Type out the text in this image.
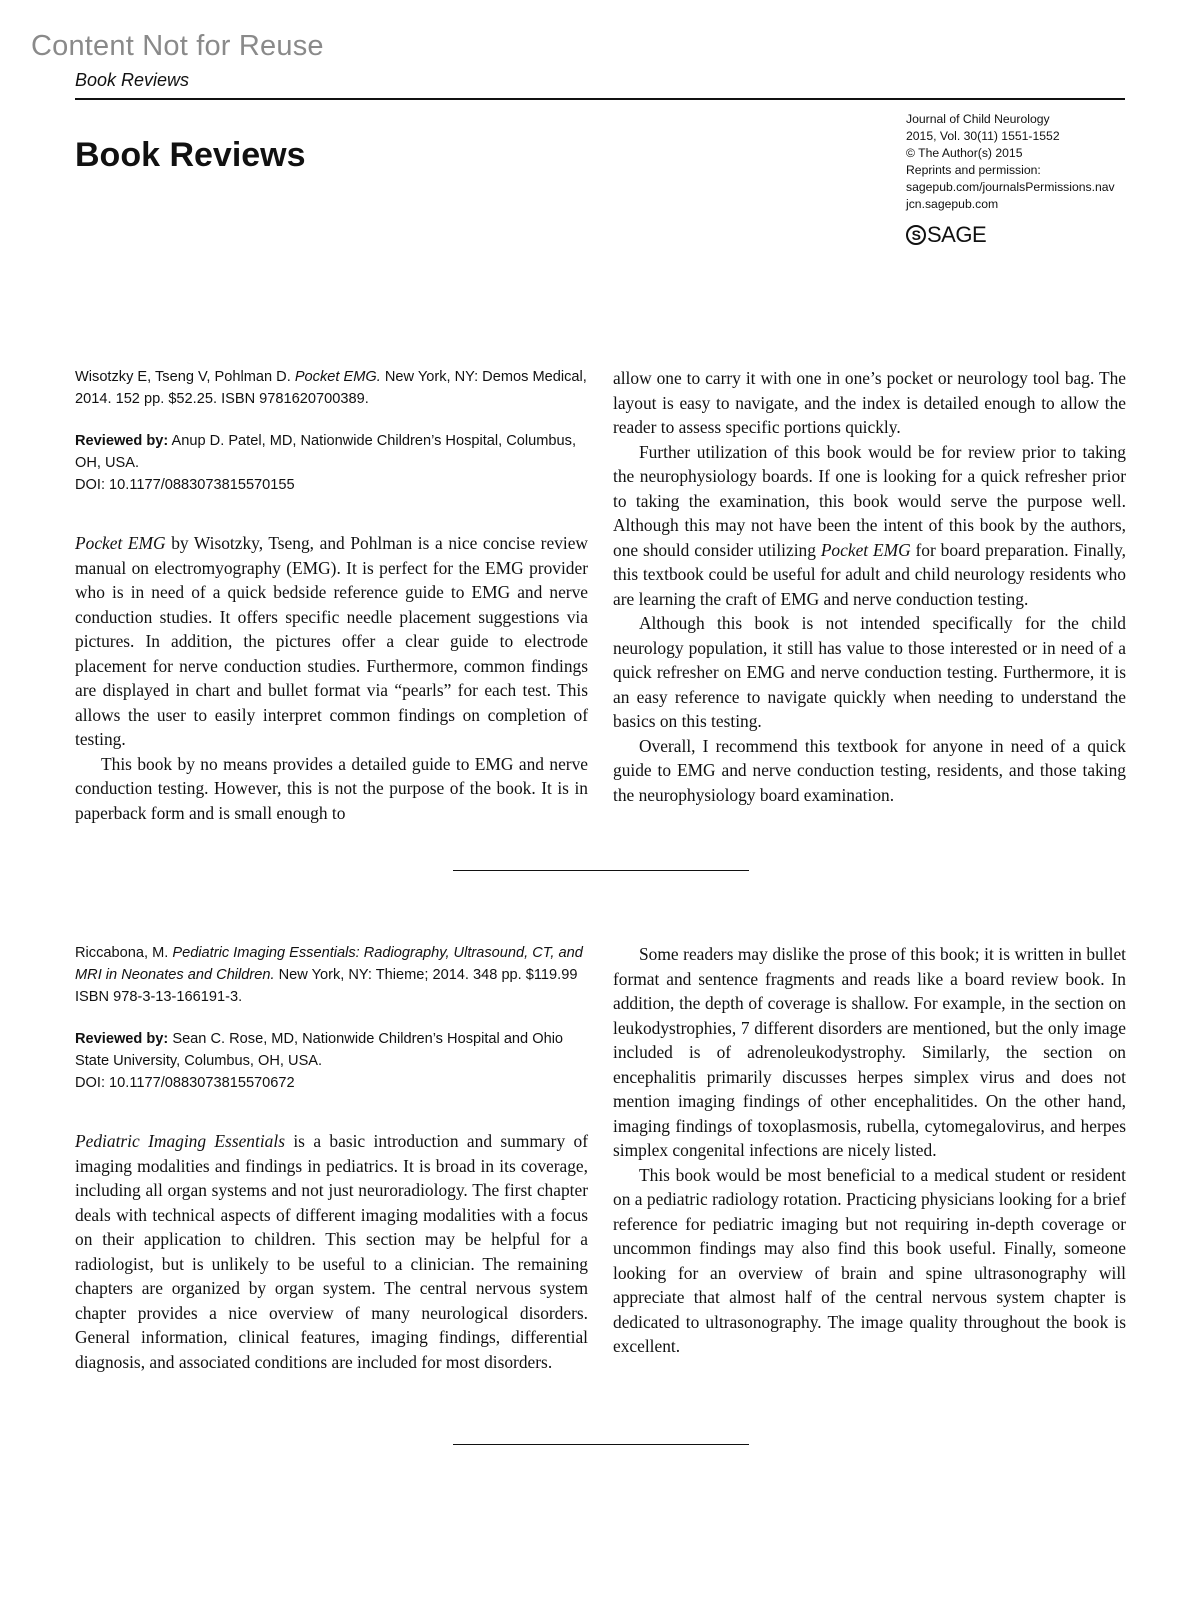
Content Not for Reuse
Book Reviews
Book Reviews
Journal of Child Neurology
2015, Vol. 30(11) 1551-1552
© The Author(s) 2015
Reprints and permission:
sagepub.com/journalsPermissions.nav
jcn.sagepub.com
S SAGE

Wisotzky E, Tseng V, Pohlman D. Pocket EMG. New York, NY: Demos Medical, 2014. 152 pp. $52.25. ISBN 9781620700389.

Reviewed by: Anup D. Patel, MD, Nationwide Children’s Hospital, Columbus, OH, USA.

DOI: 10.1177/0883073815570155

Pocket EMG by Wisotzky, Tseng, and Pohlman is a nice concise review manual on electromyography (EMG). It is perfect for the EMG provider who is in need of a quick bedside reference guide to EMG and nerve conduction studies. It offers specific needle placement suggestions via pictures. In addition, the pictures offer a clear guide to electrode placement for nerve conduction studies. Furthermore, common findings are displayed in chart and bullet format via “pearls” for each test. This allows the user to easily interpret common findings on completion of testing.

This book by no means provides a detailed guide to EMG and nerve conduction testing. However, this is not the purpose of the book. It is in paperback form and is small enough to

allow one to carry it with one in one’s pocket or neurology tool bag. The layout is easy to navigate, and the index is detailed enough to allow the reader to assess specific portions quickly.

Further utilization of this book would be for review prior to taking the neurophysiology boards. If one is looking for a quick refresher prior to taking the examination, this book would serve the purpose well. Although this may not have been the intent of this book by the authors, one should consider utilizing Pocket EMG for board preparation. Finally, this textbook could be useful for adult and child neurology residents who are learning the craft of EMG and nerve conduction testing.

Although this book is not intended specifically for the child neurology population, it still has value to those interested or in need of a quick refresher on EMG and nerve conduction testing. Furthermore, it is an easy reference to navigate quickly when needing to understand the basics on this testing.

Overall, I recommend this textbook for anyone in need of a quick guide to EMG and nerve conduction testing, residents, and those taking the neurophysiology board examination.

Riccabona, M. Pediatric Imaging Essentials: Radiography, Ultrasound, CT, and MRI in Neonates and Children. New York, NY: Thieme; 2014. 348 pp. $119.99 ISBN 978-3-13-166191-3.

Reviewed by: Sean C. Rose, MD, Nationwide Children’s Hospital and Ohio State University, Columbus, OH, USA.

DOI: 10.1177/0883073815570672

Pediatric Imaging Essentials is a basic introduction and summary of imaging modalities and findings in pediatrics. It is broad in its coverage, including all organ systems and not just neuroradiology. The first chapter deals with technical aspects of different imaging modalities with a focus on their application to children. This section may be helpful for a radiologist, but is unlikely to be useful to a clinician. The remaining chapters are organized by organ system. The central nervous system chapter provides a nice overview of many neurological disorders. General information, clinical features, imaging findings, differential diagnosis, and associated conditions are included for most disorders.

Some readers may dislike the prose of this book; it is written in bullet format and sentence fragments and reads like a board review book. In addition, the depth of coverage is shallow. For example, in the section on leukodystrophies, 7 different disorders are mentioned, but the only image included is of adrenoleukodystrophy. Similarly, the section on encephalitis primarily discusses herpes simplex virus and does not mention imaging findings of other encephalitides. On the other hand, imaging findings of toxoplasmosis, rubella, cytomegalovirus, and herpes simplex congenital infections are nicely listed.

This book would be most beneficial to a medical student or resident on a pediatric radiology rotation. Practicing physicians looking for a brief reference for pediatric imaging but not requiring in-depth coverage or uncommon findings may also find this book useful. Finally, someone looking for an overview of brain and spine ultrasonography will appreciate that almost half of the central nervous system chapter is dedicated to ultrasonography. The image quality throughout the book is excellent.
